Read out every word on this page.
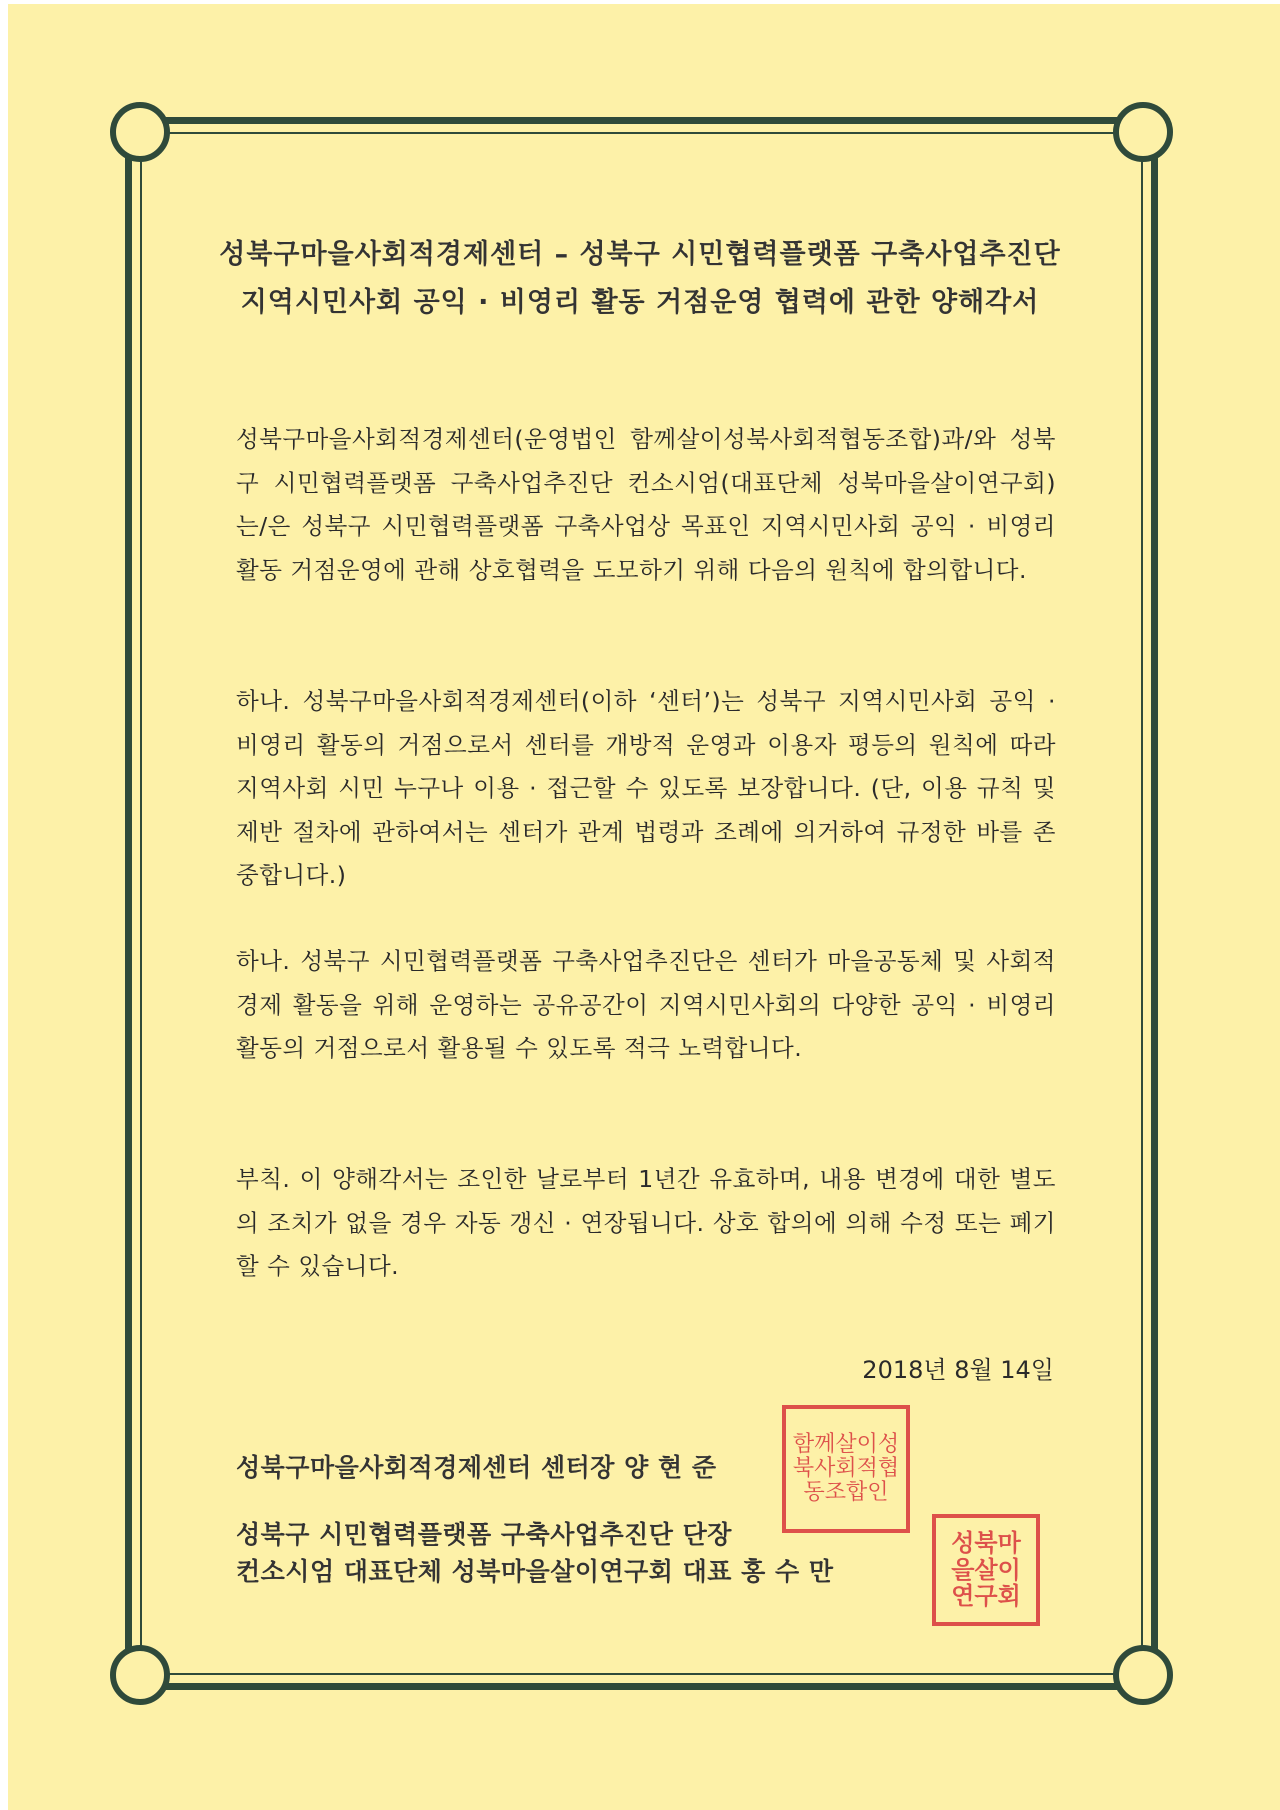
성북구마을사회적경제센터 – 성북구 시민협력플랫폼 구축사업추진단
지역시민사회 공익 · 비영리 활동 거점운영 협력에 관한 양해각서
성북구마을사회적경제센터(운영법인 함께살이성북사회적협동조합)과/와 성북구 시민협력플랫폼 구축사업추진단 컨소시엄(대표단체 성북마을살이연구회)는/은 성북구 시민협력플랫폼 구축사업상 목표인 지역시민사회 공익 · 비영리 활동 거점운영에 관해 상호협력을 도모하기 위해 다음의 원칙에 합의합니다.
하나. 성북구마을사회적경제센터(이하 ‘센터’)는 성북구 지역시민사회 공익 · 비영리 활동의 거점으로서 센터를 개방적 운영과 이용자 평등의 원칙에 따라 지역사회 시민 누구나 이용 · 접근할 수 있도록 보장합니다. (단, 이용 규칙 및 제반 절차에 관하여서는 센터가 관계 법령과 조례에 의거하여 규정한 바를 존중합니다.)
하나. 성북구 시민협력플랫폼 구축사업추진단은 센터가 마을공동체 및 사회적경제 활동을 위해 운영하는 공유공간이 지역시민사회의 다양한 공익 · 비영리 활동의 거점으로서 활용될 수 있도록 적극 노력합니다.
부칙. 이 양해각서는 조인한 날로부터 1년간 유효하며, 내용 변경에 대한 별도의 조치가 없을 경우 자동 갱신 · 연장됩니다. 상호 합의에 의해 수정 또는 폐기할 수 있습니다.
2018년 8월 14일
성북구마을사회적경제센터 센터장 양 현 준
성북구 시민협력플랫폼 구축사업추진단 단장
컨소시엄 대표단체 성북마을살이연구회 대표 홍 수 만
함께살이성북사회적협동조합인
성북마을살이연구회
